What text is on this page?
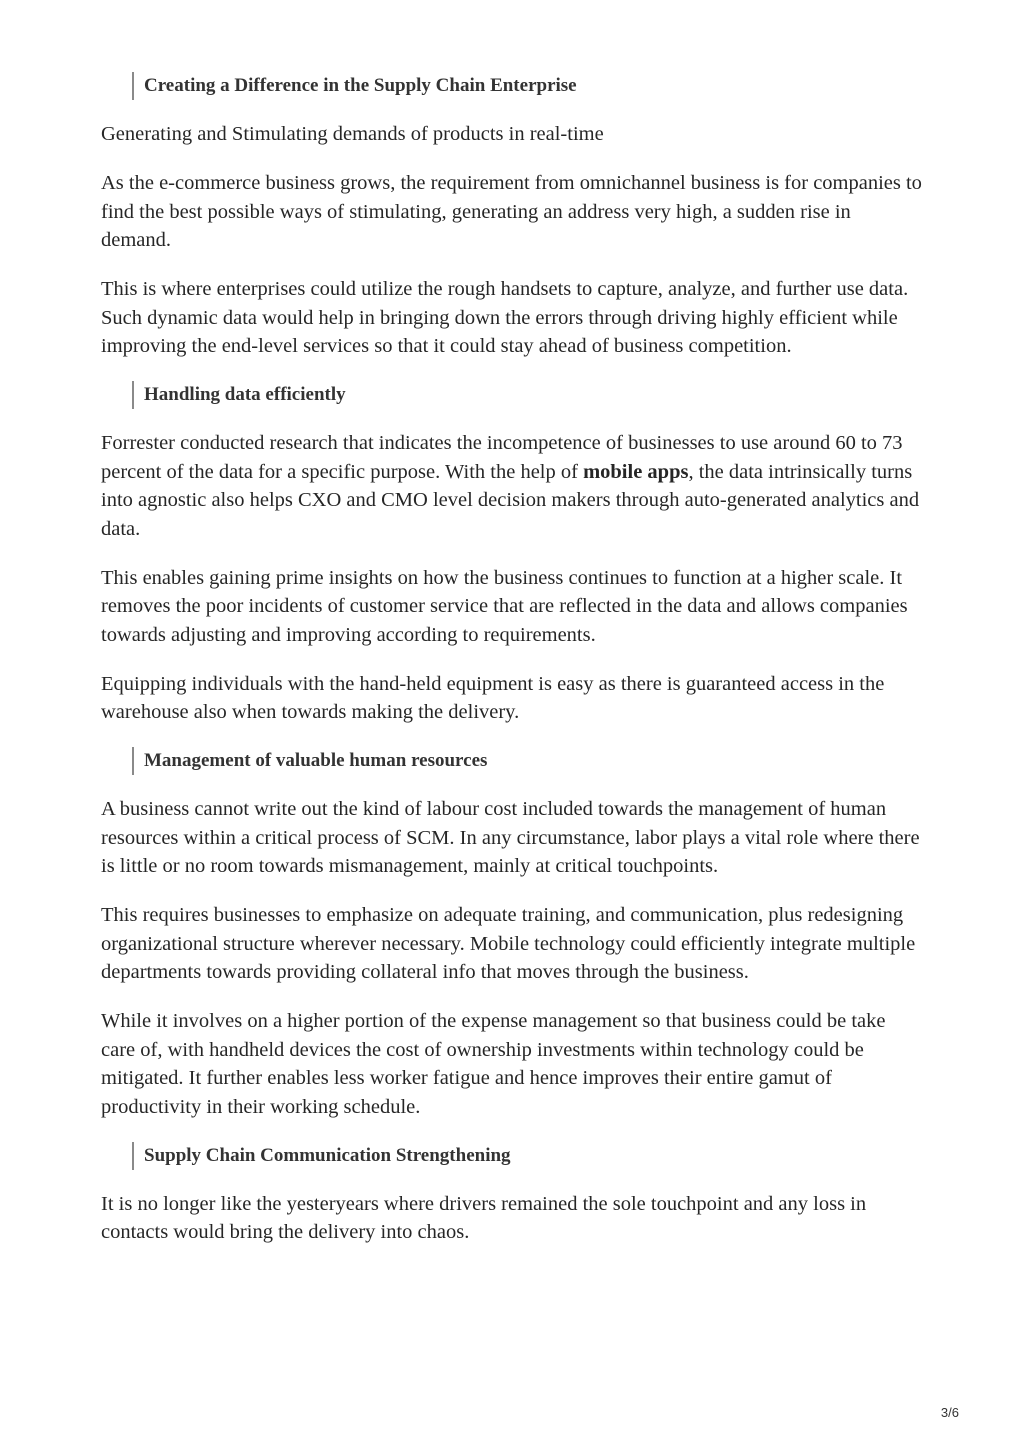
Creating a Difference in the Supply Chain Enterprise

Generating and Stimulating demands of products in real-time

As the e-commerce business grows, the requirement from omnichannel business is for companies to find the best possible ways of stimulating, generating an address very high, a sudden rise in demand.

This is where enterprises could utilize the rough handsets to capture, analyze, and further use data. Such dynamic data would help in bringing down the errors through driving highly efficient while improving the end-level services so that it could stay ahead of business competition.

Handling data efficiently

Forrester conducted research that indicates the incompetence of businesses to use around 60 to 73 percent of the data for a specific purpose. With the help of mobile apps, the data intrinsically turns into agnostic also helps CXO and CMO level decision makers through auto-generated analytics and data.

This enables gaining prime insights on how the business continues to function at a higher scale. It removes the poor incidents of customer service that are reflected in the data and allows companies towards adjusting and improving according to requirements.

Equipping individuals with the hand-held equipment is easy as there is guaranteed access in the warehouse also when towards making the delivery.

Management of valuable human resources

A business cannot write out the kind of labour cost included towards the management of human resources within a critical process of SCM. In any circumstance, labor plays a vital role where there is little or no room towards mismanagement, mainly at critical touchpoints.

This requires businesses to emphasize on adequate training, and communication, plus redesigning organizational structure wherever necessary. Mobile technology could efficiently integrate multiple departments towards providing collateral info that moves through the business.

While it involves on a higher portion of the expense management so that business could be take care of, with handheld devices the cost of ownership investments within technology could be mitigated. It further enables less worker fatigue and hence improves their entire gamut of productivity in their working schedule.

Supply Chain Communication Strengthening

It is no longer like the yesteryears where drivers remained the sole touchpoint and any loss in contacts would bring the delivery into chaos.

3/6
